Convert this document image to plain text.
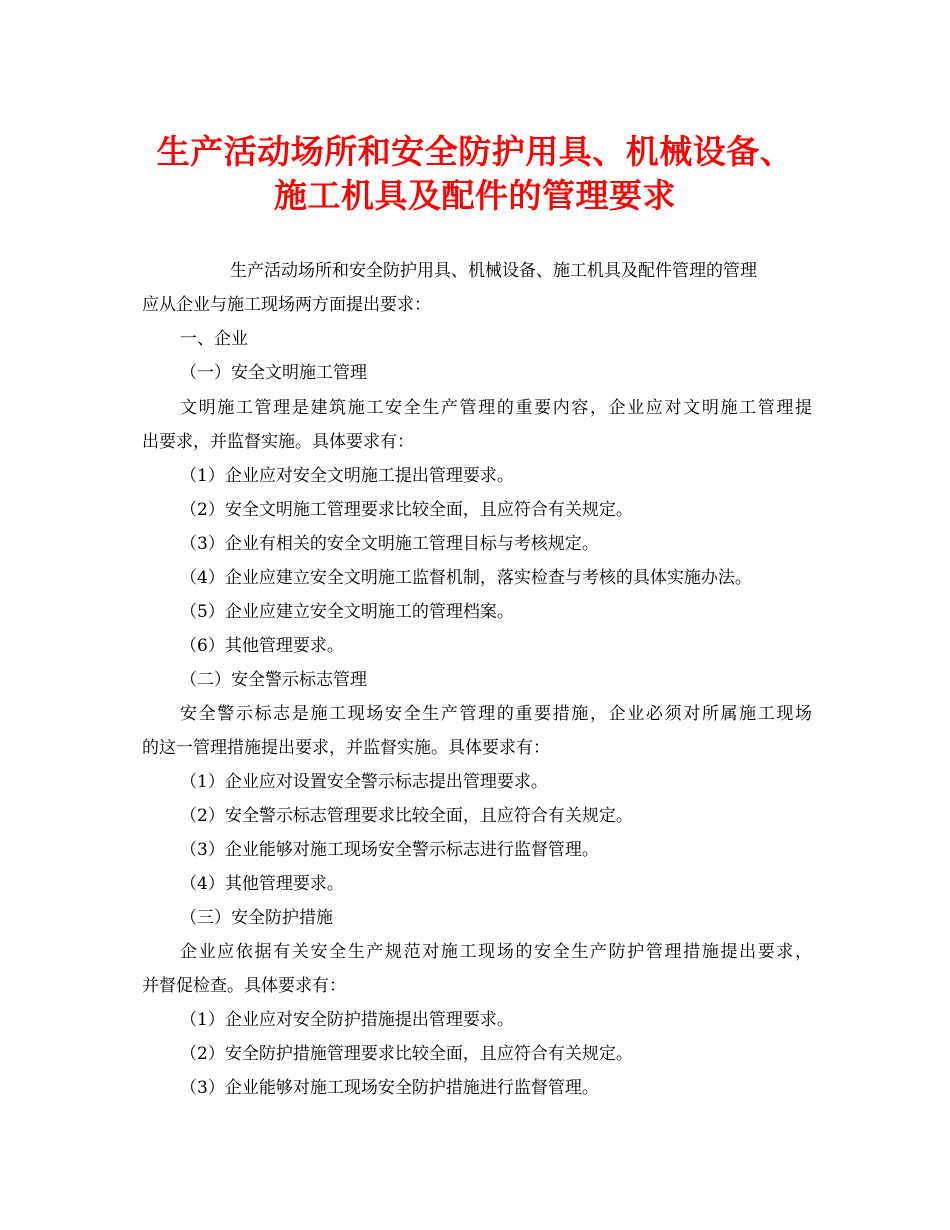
生产活动场所和安全防护用具、机械设备、
施工机具及配件的管理要求
生产活动场所和安全防护用具、机械设备、施工机具及配件管理的管理
应从企业与施工现场两方面提出要求：
一、企业
（一）安全文明施工管理
文明施工管理是建筑施工安全生产管理的重要内容，企业应对文明施工管理提
出要求，并监督实施。具体要求有：
（1）企业应对安全文明施工提出管理要求。
（2）安全文明施工管理要求比较全面，且应符合有关规定。
（3）企业有相关的安全文明施工管理目标与考核规定。
（4）企业应建立安全文明施工监督机制，落实检查与考核的具体实施办法。
（5）企业应建立安全文明施工的管理档案。
（6）其他管理要求。
（二）安全警示标志管理
安全警示标志是施工现场安全生产管理的重要措施，企业必须对所属施工现场
的这一管理措施提出要求，并监督实施。具体要求有：
（1）企业应对设置安全警示标志提出管理要求。
（2）安全警示标志管理要求比较全面，且应符合有关规定。
（3）企业能够对施工现场安全警示标志进行监督管理。
（4）其他管理要求。
（三）安全防护措施
企业应依据有关安全生产规范对施工现场的安全生产防护管理措施提出要求，
并督促检查。具体要求有：
（1）企业应对安全防护措施提出管理要求。
（2）安全防护措施管理要求比较全面，且应符合有关规定。
（3）企业能够对施工现场安全防护措施进行监督管理。
